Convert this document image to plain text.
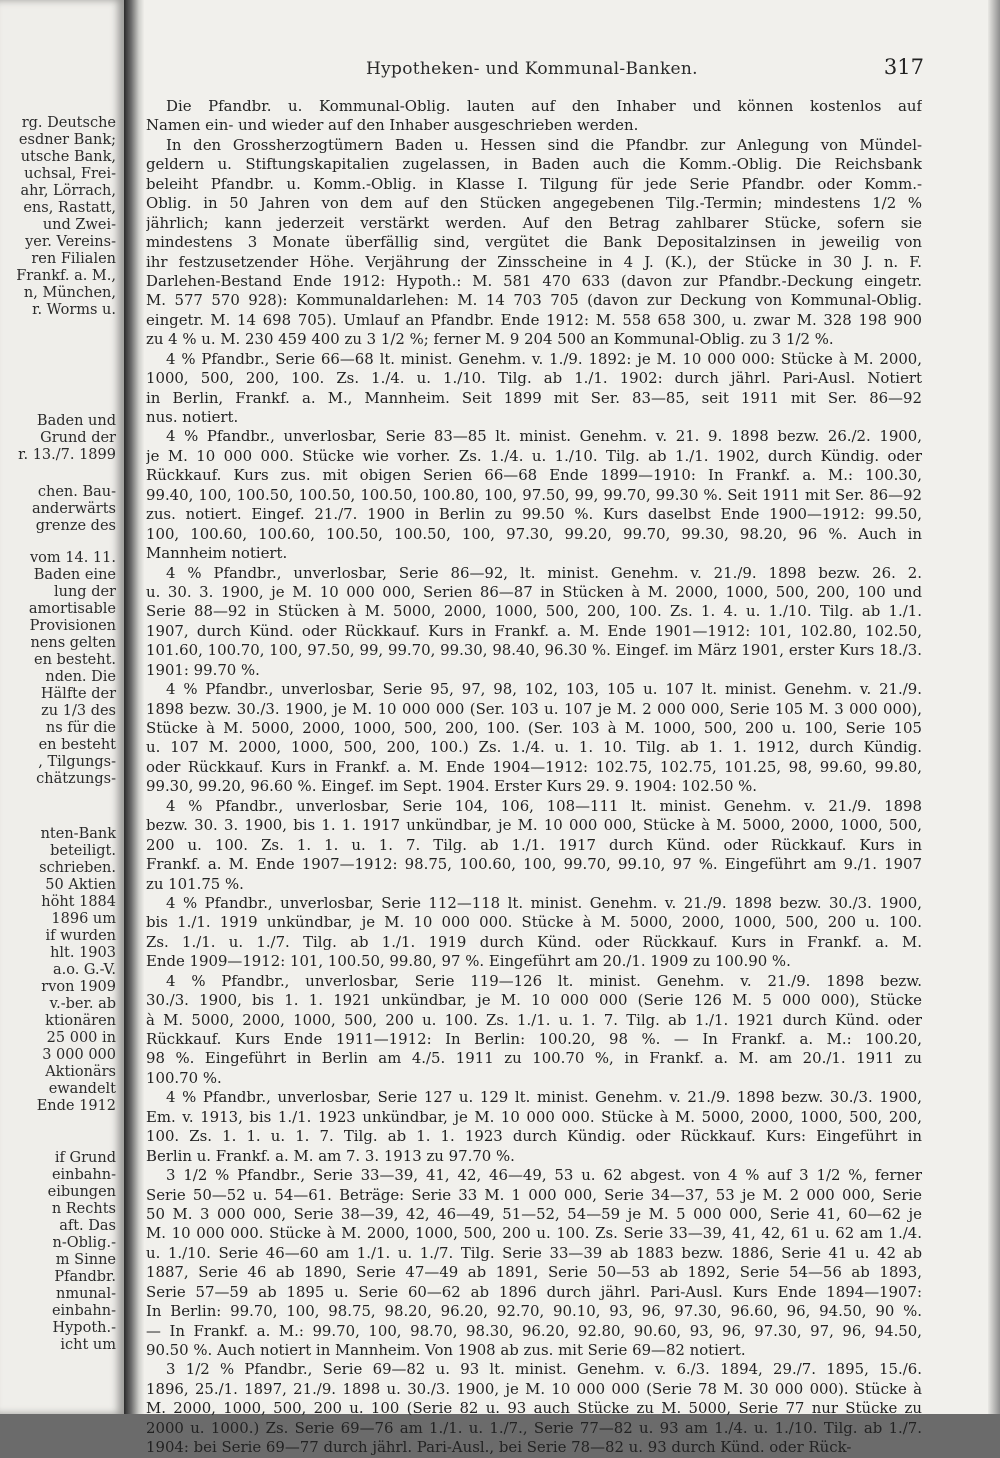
rg. Deutsche
esdner Bank;
utsche Bank,
uchsal, Frei-
ahr, Lörrach,
ens, Rastatt,
und Zwei-
yer. Vereins-
ren Filialen
Frankf. a. M.,
n, München,
r. Worms u.
Baden und
Grund der
r. 13./7. 1899
chen. Bau-
anderwärts
grenze des
vom 14. 11.
Baden eine
lung der
amortisable
Provisionen
nens gelten
en besteht.
nden. Die
Hälfte der
zu 1/3 des
ns für die
en besteht
, Tilgungs-
chätzungs-
nten-Bank
beteiligt.
schrieben.
50 Aktien
höht 1884
1896 um
if wurden
hlt. 1903
a.o. G.-V.
rvon 1909
v.-ber. ab
ktionären
25 000 in
3 000 000
Aktionärs
ewandelt
Ende 1912
if Grund
einbahn-
eibungen
n Rechts
aft. Das
n-Oblig.-
m Sinne
Pfandbr.
nmunal-
einbahn-
Hypoth.-
icht um
Hypotheken- und Kommunal-Banken.	317
Die Pfandbr. u. Kommunal-Oblig. lauten auf den Inhaber und können kostenlos auf
Namen ein- und wieder auf den Inhaber ausgeschrieben werden.
In den Grossherzogtümern Baden u. Hessen sind die Pfandbr. zur Anlegung von Mündel-
geldern u. Stiftungskapitalien zugelassen, in Baden auch die Komm.-Oblig. Die Reichsbank
beleiht Pfandbr. u. Komm.-Oblig. in Klasse I. Tilgung für jede Serie Pfandbr. oder Komm.-
Oblig. in 50 Jahren von dem auf den Stücken angegebenen Tilg.-Termin; mindestens 1/2 %
jährlich; kann jederzeit verstärkt werden. Auf den Betrag zahlbarer Stücke, sofern sie
mindestens 3 Monate überfällig sind, vergütet die Bank Depositalzinsen in jeweilig von
ihr festzusetzender Höhe. Verjährung der Zinsscheine in 4 J. (K.), der Stücke in 30 J. n. F.
Darlehen-Bestand Ende 1912: Hypoth.: M. 581 470 633 (davon zur Pfandbr.-Deckung eingetr.
M. 577 570 928): Kommunaldarlehen: M. 14 703 705 (davon zur Deckung von Kommunal-Oblig.
eingetr. M. 14 698 705). Umlauf an Pfandbr. Ende 1912: M. 558 658 300, u. zwar M. 328 198 900
zu 4 % u. M. 230 459 400 zu 3 1/2 %; ferner M. 9 204 500 an Kommunal-Oblig. zu 3 1/2 %.
4 % Pfandbr., Serie 66—68 lt. minist. Genehm. v. 1./9. 1892: je M. 10 000 000: Stücke à M. 2000,
1000, 500, 200, 100. Zs. 1./4. u. 1./10. Tilg. ab 1./1. 1902: durch jährl. Pari-Ausl. Notiert
in Berlin, Frankf. a. M., Mannheim. Seit 1899 mit Ser. 83—85, seit 1911 mit Ser. 86—92
nus. notiert.
4 % Pfandbr., unverlosbar, Serie 83—85 lt. minist. Genehm. v. 21. 9. 1898 bezw. 26./2. 1900,
je M. 10 000 000. Stücke wie vorher. Zs. 1./4. u. 1./10. Tilg. ab 1./1. 1902, durch Kündig. oder
Rückkauf. Kurs zus. mit obigen Serien 66—68 Ende 1899—1910: In Frankf. a. M.: 100.30,
99.40, 100, 100.50, 100.50, 100.50, 100.80, 100, 97.50, 99, 99.70, 99.30 %. Seit 1911 mit Ser. 86—92
zus. notiert. Eingef. 21./7. 1900 in Berlin zu 99.50 %. Kurs daselbst Ende 1900—1912: 99.50,
100, 100.60, 100.60, 100.50, 100.50, 100, 97.30, 99.20, 99.70, 99.30, 98.20, 96 %. Auch in
Mannheim notiert.
4 % Pfandbr., unverlosbar, Serie 86—92, lt. minist. Genehm. v. 21./9. 1898 bezw. 26. 2.
u. 30. 3. 1900, je M. 10 000 000, Serien 86—87 in Stücken à M. 2000, 1000, 500, 200, 100 und
Serie 88—92 in Stücken à M. 5000, 2000, 1000, 500, 200, 100. Zs. 1. 4. u. 1./10. Tilg. ab 1./1.
1907, durch Künd. oder Rückkauf. Kurs in Frankf. a. M. Ende 1901—1912: 101, 102.80, 102.50,
101.60, 100.70, 100, 97.50, 99, 99.70, 99.30, 98.40, 96.30 %. Eingef. im März 1901, erster Kurs 18./3.
1901: 99.70 %.
4 % Pfandbr., unverlosbar, Serie 95, 97, 98, 102, 103, 105 u. 107 lt. minist. Genehm. v. 21./9.
1898 bezw. 30./3. 1900, je M. 10 000 000 (Ser. 103 u. 107 je M. 2 000 000, Serie 105 M. 3 000 000),
Stücke à M. 5000, 2000, 1000, 500, 200, 100. (Ser. 103 à M. 1000, 500, 200 u. 100, Serie 105
u. 107 M. 2000, 1000, 500, 200, 100.) Zs. 1./4. u. 1. 10. Tilg. ab 1. 1. 1912, durch Kündig.
oder Rückkauf. Kurs in Frankf. a. M. Ende 1904—1912: 102.75, 102.75, 101.25, 98, 99.60, 99.80,
99.30, 99.20, 96.60 %. Eingef. im Sept. 1904. Erster Kurs 29. 9. 1904: 102.50 %.
4 % Pfandbr., unverlosbar, Serie 104, 106, 108—111 lt. minist. Genehm. v. 21./9. 1898
bezw. 30. 3. 1900, bis 1. 1. 1917 unkündbar, je M. 10 000 000, Stücke à M. 5000, 2000, 1000, 500,
200 u. 100. Zs. 1. 1. u. 1. 7. Tilg. ab 1./1. 1917 durch Künd. oder Rückkauf. Kurs in
Frankf. a. M. Ende 1907—1912: 98.75, 100.60, 100, 99.70, 99.10, 97 %. Eingeführt am 9./1. 1907
zu 101.75 %.
4 % Pfandbr., unverlosbar, Serie 112—118 lt. minist. Genehm. v. 21./9. 1898 bezw. 30./3. 1900,
bis 1./1. 1919 unkündbar, je M. 10 000 000. Stücke à M. 5000, 2000, 1000, 500, 200 u. 100.
Zs. 1./1. u. 1./7. Tilg. ab 1./1. 1919 durch Künd. oder Rückkauf. Kurs in Frankf. a. M.
Ende 1909—1912: 101, 100.50, 99.80, 97 %. Eingeführt am 20./1. 1909 zu 100.90 %.
4 % Pfandbr., unverlosbar, Serie 119—126 lt. minist. Genehm. v. 21./9. 1898 bezw.
30./3. 1900, bis 1. 1. 1921 unkündbar, je M. 10 000 000 (Serie 126 M. 5 000 000), Stücke
à M. 5000, 2000, 1000, 500, 200 u. 100. Zs. 1./1. u. 1. 7. Tilg. ab 1./1. 1921 durch Künd. oder
Rückkauf. Kurs Ende 1911—1912: In Berlin: 100.20, 98 %. — In Frankf. a. M.: 100.20,
98 %. Eingeführt in Berlin am 4./5. 1911 zu 100.70 %, in Frankf. a. M. am 20./1. 1911 zu
100.70 %.
4 % Pfandbr., unverlosbar, Serie 127 u. 129 lt. minist. Genehm. v. 21./9. 1898 bezw. 30./3. 1900,
Em. v. 1913, bis 1./1. 1923 unkündbar, je M. 10 000 000. Stücke à M. 5000, 2000, 1000, 500, 200,
100. Zs. 1. 1. u. 1. 7. Tilg. ab 1. 1. 1923 durch Kündig. oder Rückkauf. Kurs: Eingeführt in
Berlin u. Frankf. a. M. am 7. 3. 1913 zu 97.70 %.
3 1/2 % Pfandbr., Serie 33—39, 41, 42, 46—49, 53 u. 62 abgest. von 4 % auf 3 1/2 %, ferner
Serie 50—52 u. 54—61. Beträge: Serie 33 M. 1 000 000, Serie 34—37, 53 je M. 2 000 000, Serie
50 M. 3 000 000, Serie 38—39, 42, 46—49, 51—52, 54—59 je M. 5 000 000, Serie 41, 60—62 je
M. 10 000 000. Stücke à M. 2000, 1000, 500, 200 u. 100. Zs. Serie 33—39, 41, 42, 61 u. 62 am 1./4.
u. 1./10. Serie 46—60 am 1./1. u. 1./7. Tilg. Serie 33—39 ab 1883 bezw. 1886, Serie 41 u. 42 ab
1887, Serie 46 ab 1890, Serie 47—49 ab 1891, Serie 50—53 ab 1892, Serie 54—56 ab 1893,
Serie 57—59 ab 1895 u. Serie 60—62 ab 1896 durch jährl. Pari-Ausl. Kurs Ende 1894—1907:
In Berlin: 99.70, 100, 98.75, 98.20, 96.20, 92.70, 90.10, 93, 96, 97.30, 96.60, 96, 94.50, 90 %.
— In Frankf. a. M.: 99.70, 100, 98.70, 98.30, 96.20, 92.80, 90.60, 93, 96, 97.30, 97, 96, 94.50,
90.50 %. Auch notiert in Mannheim. Von 1908 ab zus. mit Serie 69—82 notiert.
3 1/2 % Pfandbr., Serie 69—82 u. 93 lt. minist. Genehm. v. 6./3. 1894, 29./7. 1895, 15./6.
1896, 25./1. 1897, 21./9. 1898 u. 30./3. 1900, je M. 10 000 000 (Serie 78 M. 30 000 000). Stücke à
M. 2000, 1000, 500, 200 u. 100 (Serie 82 u. 93 auch Stücke zu M. 5000, Serie 77 nur Stücke zu
2000 u. 1000.) Zs. Serie 69—76 am 1./1. u. 1./7., Serie 77—82 u. 93 am 1./4. u. 1./10. Tilg. ab 1./7.
1904: bei Serie 69—77 durch jährl. Pari-Ausl., bei Serie 78—82 u. 93 durch Künd. oder Rück-
